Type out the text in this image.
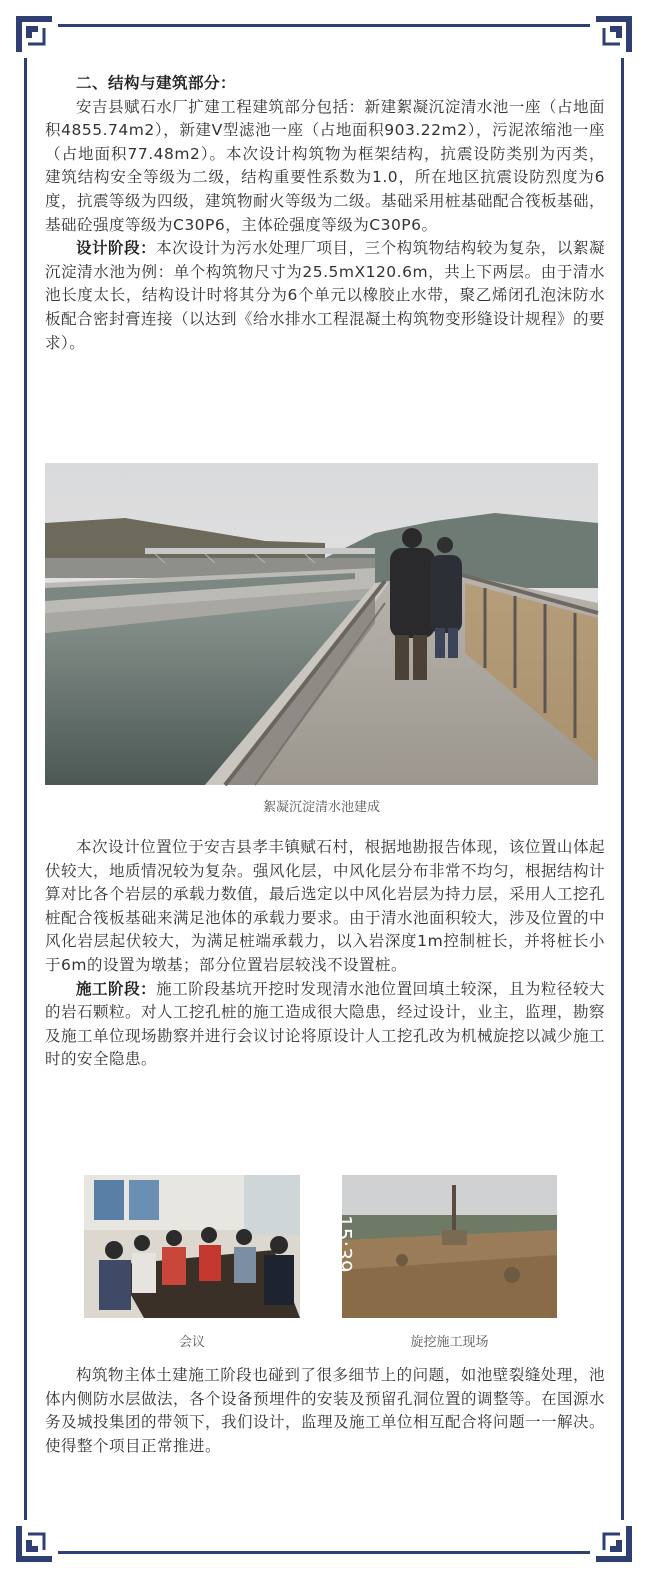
二、结构与建筑部分：

安吉县赋石水厂扩建工程建筑部分包括：新建絮凝沉淀清水池一座（占地面积4855.74m2），新建V型滤池一座（占地面积903.22m2），污泥浓缩池一座（占地面积77.48m2）。本次设计构筑物为框架结构，抗震设防类别为丙类，建筑结构安全等级为二级，结构重要性系数为1.0，所在地区抗震设防烈度为6度，抗震等级为四级，建筑物耐火等级为二级。基础采用桩基础配合筏板基础，基础砼强度等级为C30P6，主体砼强度等级为C30P6。

设计阶段：本次设计为污水处理厂项目，三个构筑物结构较为复杂，以絮凝沉淀清水池为例：单个构筑物尺寸为25.5mX120.6m，共上下两层。由于清水池长度太长，结构设计时将其分为6个单元以橡胶止水带，聚乙烯闭孔泡沫防水板配合密封膏连接（以达到《给水排水工程混凝土构筑物变形缝设计规程》的要求）。

絮凝沉淀清水池建成

本次设计位置位于安吉县孝丰镇赋石村，根据地勘报告体现，该位置山体起伏较大，地质情况较为复杂。强风化层，中风化层分布非常不均匀，根据结构计算对比各个岩层的承载力数值，最后选定以中风化岩层为持力层，采用人工挖孔桩配合筏板基础来满足池体的承载力要求。由于清水池面积较大，涉及位置的中风化岩层起伏较大，为满足桩端承载力，以入岩深度1m控制桩长，并将桩长小于6m的设置为墩基；部分位置岩层较浅不设置桩。

施工阶段：施工阶段基坑开挖时发现清水池位置回填土较深，且为粒径较大的岩石颗粒。对人工挖孔桩的施工造成很大隐患，经过设计，业主，监理，勘察及施工单位现场勘察并进行会议讨论将原设计人工挖孔改为机械旋挖以减少施工时的安全隐患。

会议
15:39
旋挖施工现场

构筑物主体土建施工阶段也碰到了很多细节上的问题，如池壁裂缝处理，池体内侧防水层做法，各个设备预埋件的安装及预留孔洞位置的调整等。在国源水务及城投集团的带领下，我们设计，监理及施工单位相互配合将问题一一解决。使得整个项目正常推进。
